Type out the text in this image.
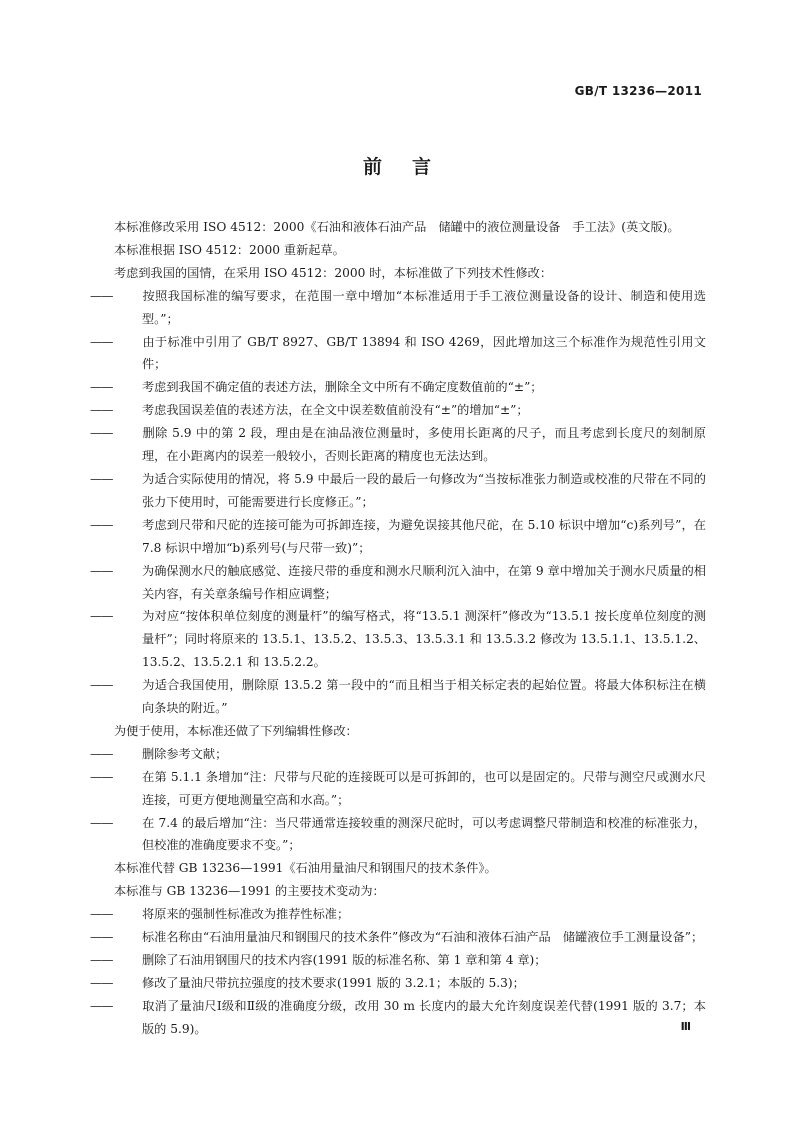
GB/T 13236—2011
前言

本标准修改采用 ISO 4512：2000《石油和液体石油产品　储罐中的液位测量设备　手工法》(英文版)。

本标准根据 ISO 4512：2000 重新起草。

考虑到我国的国情，在采用 ISO 4512：2000 时，本标准做了下列技术性修改：

—— 按照我国标准的编写要求，在范围一章中增加“本标准适用于手工液位测量设备的设计、制造和使用选型。”；

—— 由于标准中引用了 GB/T 8927、GB/T 13894 和 ISO 4269，因此增加这三个标准作为规范性引用文件；

—— 考虑到我国不确定值的表述方法，删除全文中所有不确定度数值前的“±”；

—— 考虑我国误差值的表述方法，在全文中误差数值前没有“±”的增加“±”；

—— 删除 5.9 中的第 2 段，理由是在油品液位测量时，多使用长距离的尺子，而且考虑到长度尺的刻制原理，在小距离内的误差一般较小，否则长距离的精度也无法达到。

—— 为适合实际使用的情况，将 5.9 中最后一段的最后一句修改为“当按标准张力制造或校准的尺带在不同的张力下使用时，可能需要进行长度修正。”；

—— 考虑到尺带和尺砣的连接可能为可拆卸连接，为避免误接其他尺砣，在 5.10 标识中增加“c)系列号”，在 7.8 标识中增加“b)系列号(与尺带一致)”；

—— 为确保测水尺的触底感觉、连接尺带的垂度和测水尺顺利沉入油中，在第 9 章中增加关于测水尺质量的相关内容，有关章条编号作相应调整；

—— 为对应“按体积单位刻度的测量杆”的编写格式，将“13.5.1 测深杆”修改为“13.5.1 按长度单位刻度的测量杆”；同时将原来的 13.5.1、13.5.2、13.5.3、13.5.3.1 和 13.5.3.2 修改为 13.5.1.1、13.5.1.2、13.5.2、13.5.2.1 和 13.5.2.2。

—— 为适合我国使用，删除原 13.5.2 第一段中的“而且相当于相关标定表的起始位置。将最大体积标注在横向条块的附近。”

为便于使用，本标准还做了下列编辑性修改：

—— 删除参考文献；

—— 在第 5.1.1 条增加“注：尺带与尺砣的连接既可以是可拆卸的，也可以是固定的。尺带与测空尺或测水尺连接，可更方便地测量空高和水高。”；

—— 在 7.4 的最后增加“注：当尺带通常连接较重的测深尺砣时，可以考虑调整尺带制造和校准的标准张力，但校准的准确度要求不变。”；

本标准代替 GB 13236—1991《石油用量油尺和钢围尺的技术条件》。

本标准与 GB 13236—1991 的主要技术变动为：

—— 将原来的强制性标准改为推荐性标准；

—— 标准名称由“石油用量油尺和钢围尺的技术条件”修改为“石油和液体石油产品　储罐液位手工测量设备”；

—— 删除了石油用钢围尺的技术内容(1991 版的标准名称、第 1 章和第 4 章)；

—— 修改了量油尺带抗拉强度的技术要求(1991 版的 3.2.1；本版的 5.3)；

—— 取消了量油尺Ⅰ级和Ⅱ级的准确度分级，改用 30 m 长度内的最大允许刻度误差代替(1991 版的 3.7；本版的 5.9)。	Ⅲ
